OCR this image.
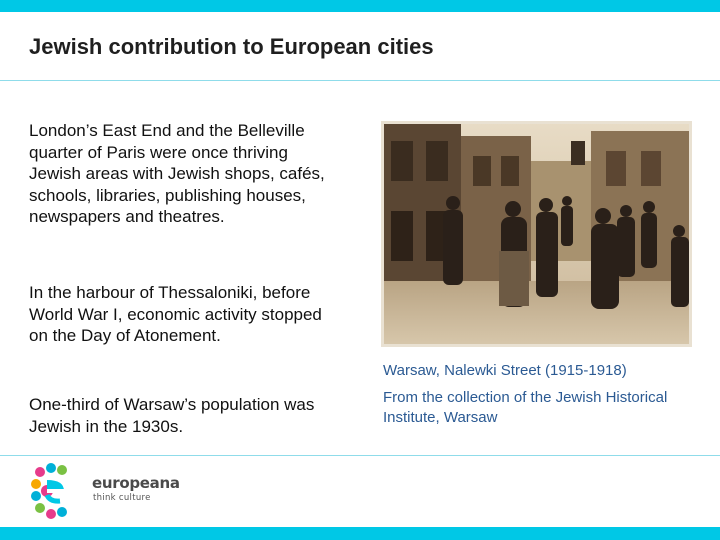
Jewish contribution to European cities

London’s East End and the Belleville quarter of Paris were once thriving Jewish areas with Jewish shops, cafés, schools, libraries, publishing houses, newspapers and theatres.

In the harbour of Thessaloniki, before World War I, economic activity stopped on the Day of Atonement.

One-third of Warsaw’s population was Jewish in the 1930s.

Warsaw, Nalewki Street (1915-1918)

From the collection of the Jewish Historical Institute, Warsaw

europeana
think culture
